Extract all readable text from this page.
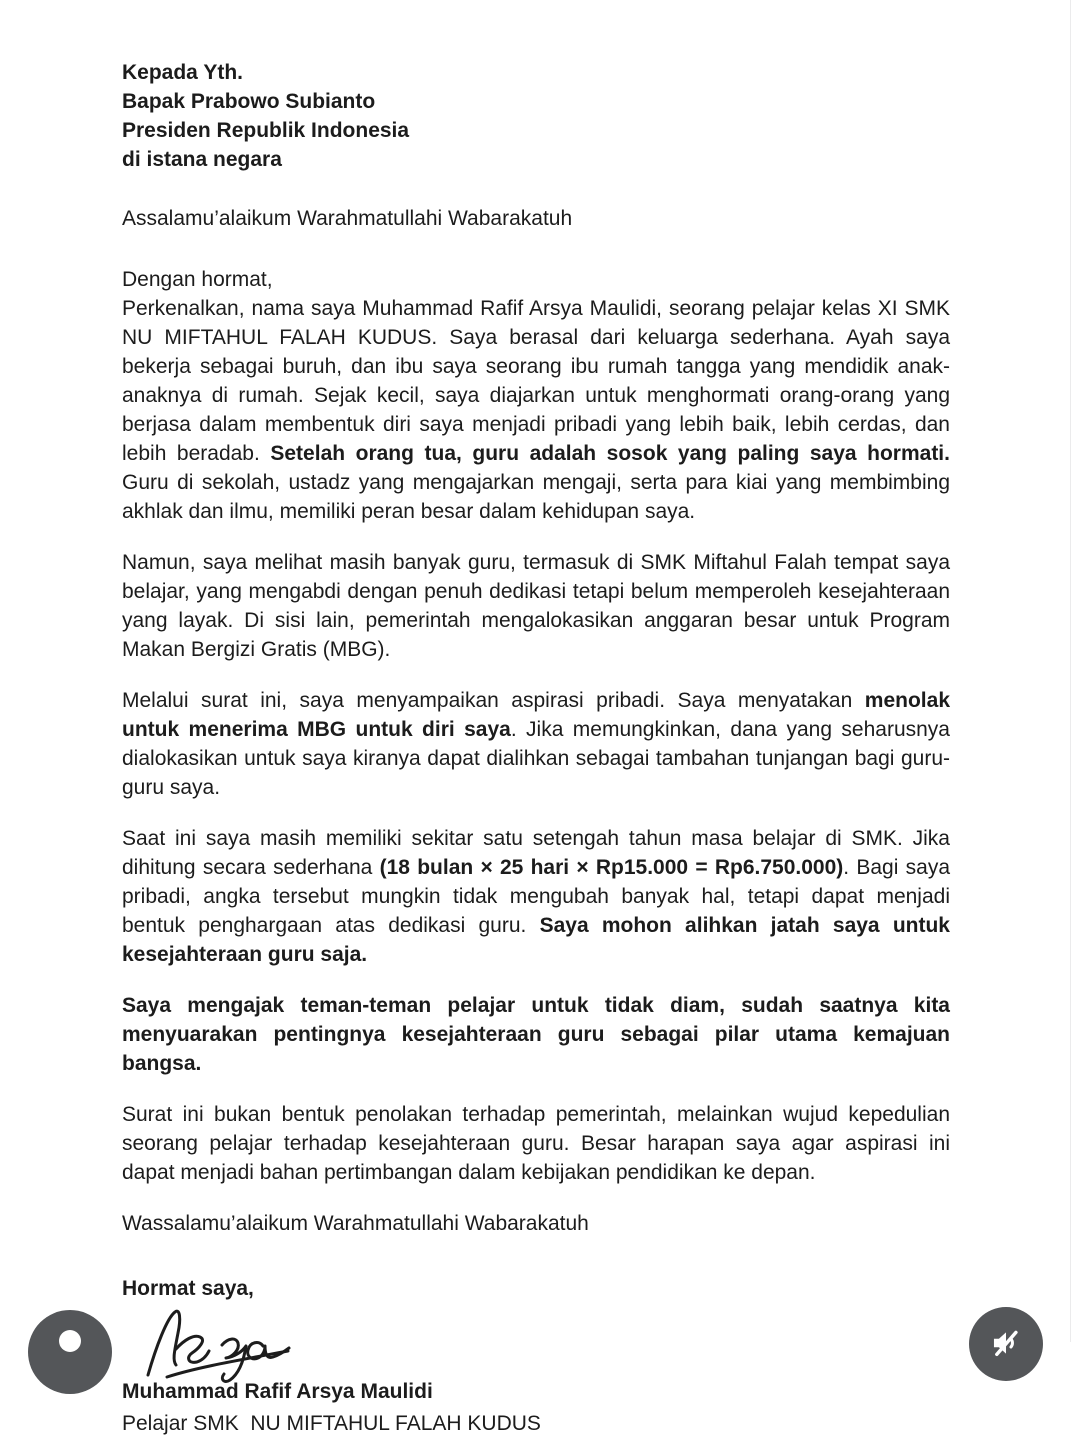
Kepada Yth.
Bapak Prabowo Subianto
Presiden Republik Indonesia
di istana negara
Assalamu’alaikum Warahmatullahi Wabarakatuh
Dengan hormat,

Perkenalkan, nama saya Muhammad Rafif Arsya Maulidi, seorang pelajar kelas XI SMK NU MIFTAHUL FALAH KUDUS. Saya berasal dari keluarga sederhana. Ayah saya bekerja sebagai buruh, dan ibu saya seorang ibu rumah tangga yang mendidik anak-anaknya di rumah. Sejak kecil, saya diajarkan untuk menghormati orang-orang yang berjasa dalam membentuk diri saya menjadi pribadi yang lebih baik, lebih cerdas, dan lebih beradab. Setelah orang tua, guru adalah sosok yang paling saya hormati. Guru di sekolah, ustadz yang mengajarkan mengaji, serta para kiai yang membimbing akhlak dan ilmu, memiliki peran besar dalam kehidupan saya.

Namun, saya melihat masih banyak guru, termasuk di SMK Miftahul Falah tempat saya belajar, yang mengabdi dengan penuh dedikasi tetapi belum memperoleh kesejahteraan yang layak. Di sisi lain, pemerintah mengalokasikan anggaran besar untuk Program Makan Bergizi Gratis (MBG).

Melalui surat ini, saya menyampaikan aspirasi pribadi. Saya menyatakan menolak untuk menerima MBG untuk diri saya. Jika memungkinkan, dana yang seharusnya dialokasikan untuk saya kiranya dapat dialihkan sebagai tambahan tunjangan bagi guru-guru saya.

Saat ini saya masih memiliki sekitar satu setengah tahun masa belajar di SMK. Jika dihitung secara sederhana (18 bulan × 25 hari × Rp15.000 = Rp6.750.000). Bagi saya pribadi, angka tersebut mungkin tidak mengubah banyak hal, tetapi dapat menjadi bentuk penghargaan atas dedikasi guru. Saya mohon alihkan jatah saya untuk kesejahteraan guru saja.

Saya mengajak teman-teman pelajar untuk tidak diam, sudah saatnya kita menyuarakan pentingnya kesejahteraan guru sebagai pilar utama kemajuan bangsa.

Surat ini bukan bentuk penolakan terhadap pemerintah, melainkan wujud kepedulian seorang pelajar terhadap kesejahteraan guru. Besar harapan saya agar aspirasi ini dapat menjadi bahan pertimbangan dalam kebijakan pendidikan ke depan.

Wassalamu’alaikum Warahmatullahi Wabarakatuh
Hormat saya,
Muhammad Rafif Arsya Maulidi
Pelajar SMK  NU MIFTAHUL FALAH KUDUS
